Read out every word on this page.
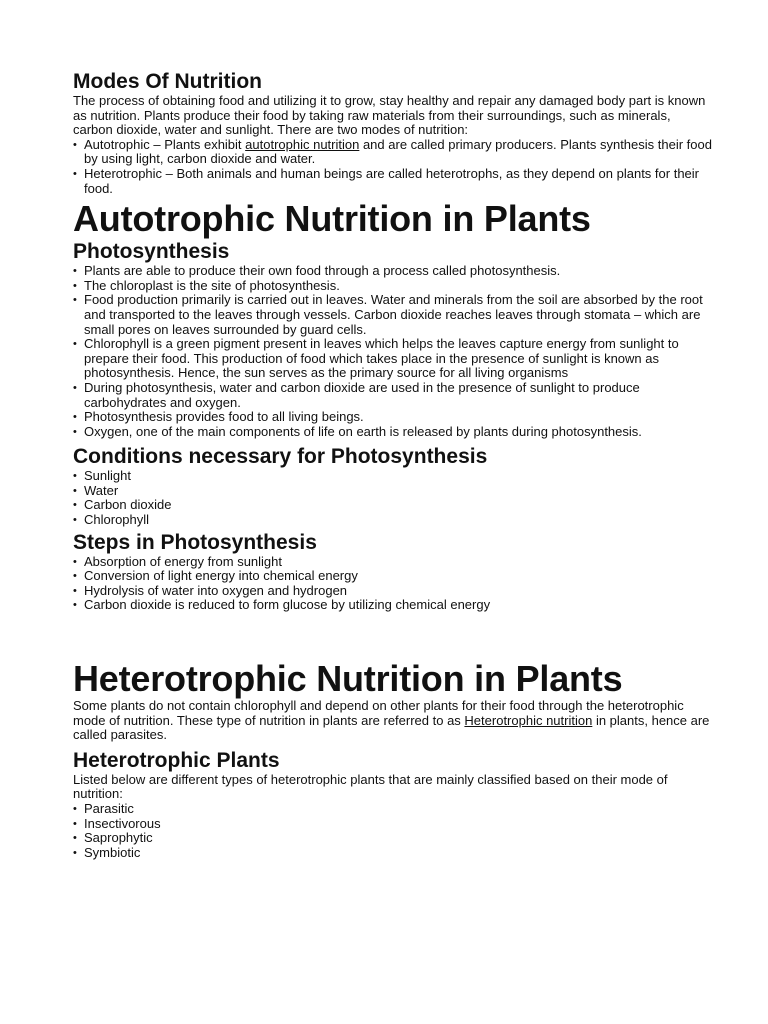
Modes Of Nutrition

The process of obtaining food and utilizing it to grow, stay healthy and repair any damaged body part is known as nutrition. Plants produce their food by taking raw materials from their surroundings, such as minerals, carbon dioxide, water and sunlight. There are two modes of nutrition:

• Autotrophic – Plants exhibit autotrophic nutrition and are called primary producers. Plants synthesis their food by using light, carbon dioxide and water.
• Heterotrophic – Both animals and human beings are called heterotrophs, as they depend on plants for their food.
Autotrophic Nutrition in Plants
Photosynthesis
• Plants are able to produce their own food through a process called photosynthesis.
• The chloroplast is the site of photosynthesis.
• Food production primarily is carried out in leaves. Water and minerals from the soil are absorbed by the root and transported to the leaves through vessels. Carbon dioxide reaches leaves through stomata – which are small pores on leaves surrounded by guard cells.
• Chlorophyll is a green pigment present in leaves which helps the leaves capture energy from sunlight to prepare their food. This production of food which takes place in the presence of sunlight is known as photosynthesis. Hence, the sun serves as the primary source for all living organisms
• During photosynthesis, water and carbon dioxide are used in the presence of sunlight to produce carbohydrates and oxygen.
• Photosynthesis provides food to all living beings.
• Oxygen, one of the main components of life on earth is released by plants during photosynthesis.
Conditions necessary for Photosynthesis
• Sunlight
• Water
• Carbon dioxide
• Chlorophyll
Steps in Photosynthesis
• Absorption of energy from sunlight
• Conversion of light energy into chemical energy
• Hydrolysis of water into oxygen and hydrogen
• Carbon dioxide is reduced to form glucose by utilizing chemical energy
Heterotrophic Nutrition in Plants

Some plants do not contain chlorophyll and depend on other plants for their food through the heterotrophic mode of nutrition. These type of nutrition in plants are referred to as Heterotrophic nutrition in plants, hence are called parasites.

Heterotrophic Plants

Listed below are different types of heterotrophic plants that are mainly classified based on their mode of nutrition:

• Parasitic
• Insectivorous
• Saprophytic
• Symbiotic
